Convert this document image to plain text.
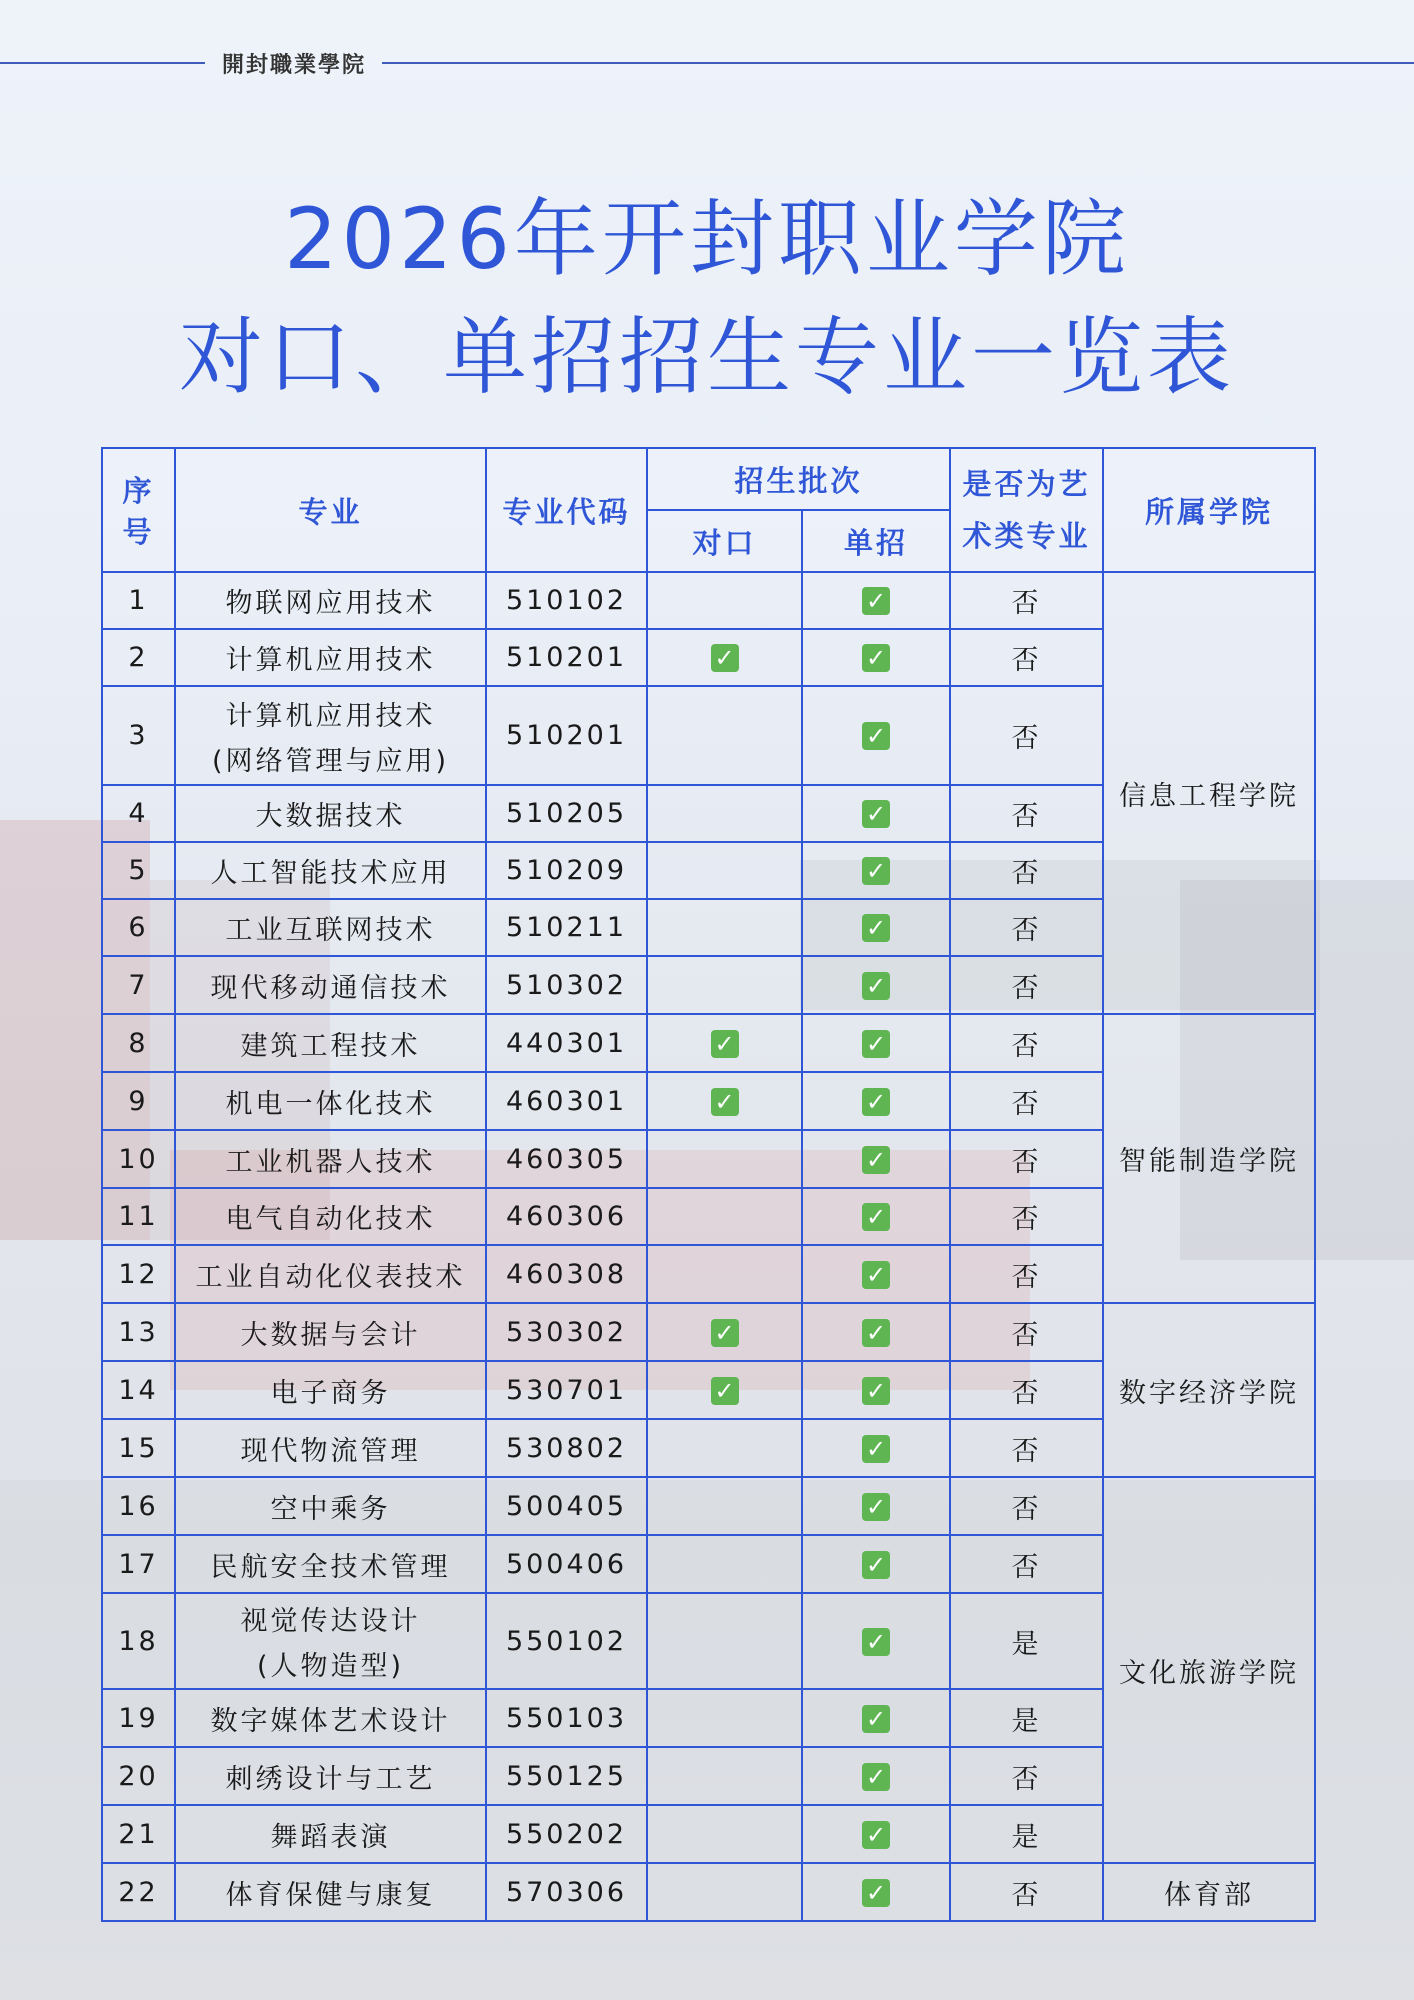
開封職業學院
2026年开封职业学院
对口、单招招生专业一览表
序号	专业	专业代码	招生批次		是否为艺术类专业	所属学院
			对口	单招		
1	物联网应用技术	510102		✓	否	信息工程学院
2	计算机应用技术	510201	✓	✓	否	
3	计算机应用技术
(网络管理与应用)	510201		✓	否	
4	大数据技术	510205		✓	否	
5	人工智能技术应用	510209		✓	否	
6	工业互联网技术	510211		✓	否	
7	现代移动通信技术	510302		✓	否	
8	建筑工程技术	440301	✓	✓	否	智能制造学院
9	机电一体化技术	460301	✓	✓	否	
10	工业机器人技术	460305		✓	否	
11	电气自动化技术	460306		✓	否	
12	工业自动化仪表技术	460308		✓	否	
13	大数据与会计	530302	✓	✓	否	数字经济学院
14	电子商务	530701	✓	✓	否	
15	现代物流管理	530802		✓	否	
16	空中乘务	500405		✓	否	文化旅游学院
17	民航安全技术管理	500406		✓	否	
18	视觉传达设计
(人物造型)	550102		✓	是	
19	数字媒体艺术设计	550103		✓	是	
20	刺绣设计与工艺	550125		✓	否	
21	舞蹈表演	550202		✓	是	
22	体育保健与康复	570306		✓	否	体育部
